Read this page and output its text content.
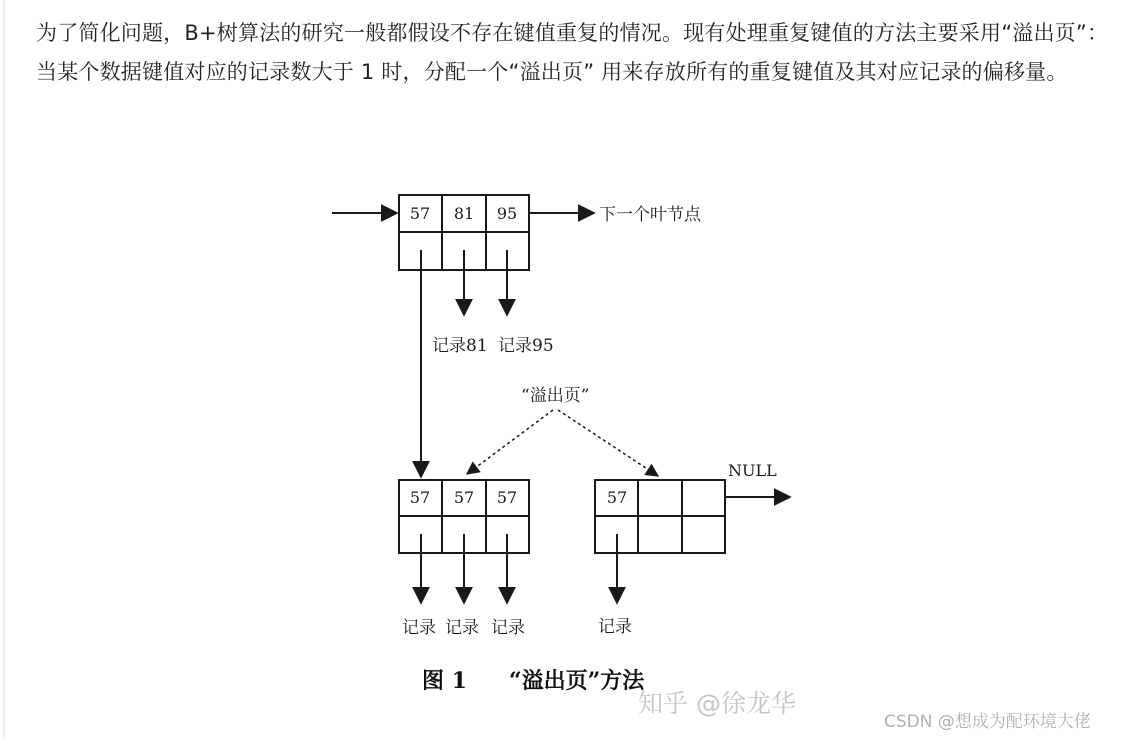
为了简化问题，B+树算法的研究一般都假设不存在键值重复的情况。现有处理重复键值的方法主要采用“溢出页”：当某个数据键值对应的记录数大于 1 时，分配一个“溢出页” 用来存放所有的重复键值及其对应记录的偏移量。

57 81 95	下一个叶节点
记录81 记录95
“溢出页”
57 57 57
记录 记录 记录
57
记录
NULL
图 1 “溢出页”方法
知乎 @徐龙华
CSDN @想成为配环境大佬
